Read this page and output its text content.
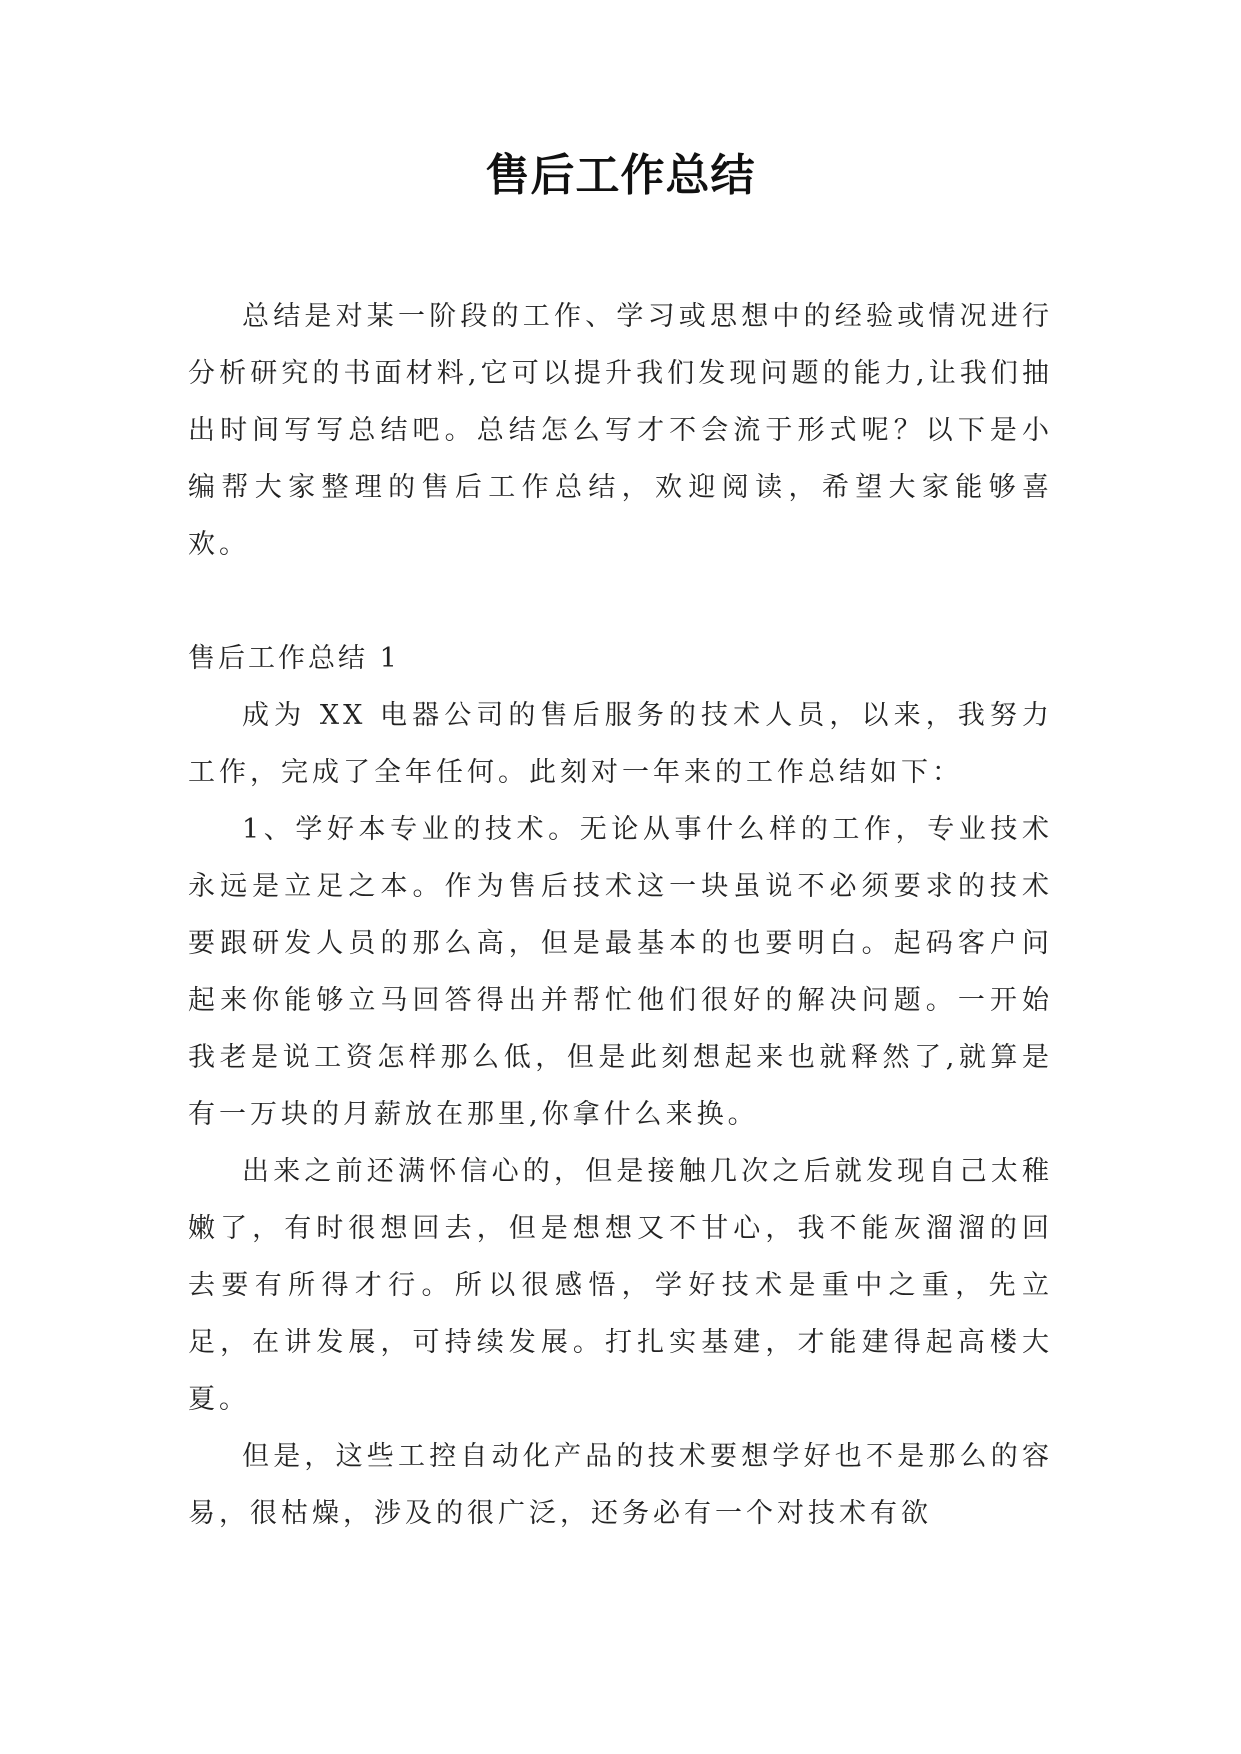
售后工作总结

总结是对某一阶段的工作、学习或思想中的经验或情况进行分析研究的书面材料,它可以提升我们发现问题的能力,让我们抽出时间写写总结吧。总结怎么写才不会流于形式呢？以下是小编帮大家整理的售后工作总结，欢迎阅读，希望大家能够喜欢。

售后工作总结 1

成为 XX 电器公司的售后服务的技术人员，以来，我努力工作，完成了全年任何。此刻对一年来的工作总结如下：

1、学好本专业的技术。无论从事什么样的工作，专业技术永远是立足之本。作为售后技术这一块虽说不必须要求的技术要跟研发人员的那么高，但是最基本的也要明白。起码客户问起来你能够立马回答得出并帮忙他们很好的解决问题。一开始我老是说工资怎样那么低，但是此刻想起来也就释然了,就算是有一万块的月薪放在那里,你拿什么来换。

出来之前还满怀信心的，但是接触几次之后就发现自己太稚嫩了，有时很想回去，但是想想又不甘心，我不能灰溜溜的回去要有所得才行。所以很感悟，学好技术是重中之重，先立足，在讲发展，可持续发展。打扎实基建，才能建得起高楼大夏。

但是，这些工控自动化产品的技术要想学好也不是那么的容易，很枯燥，涉及的很广泛，还务必有一个对技术有欲
